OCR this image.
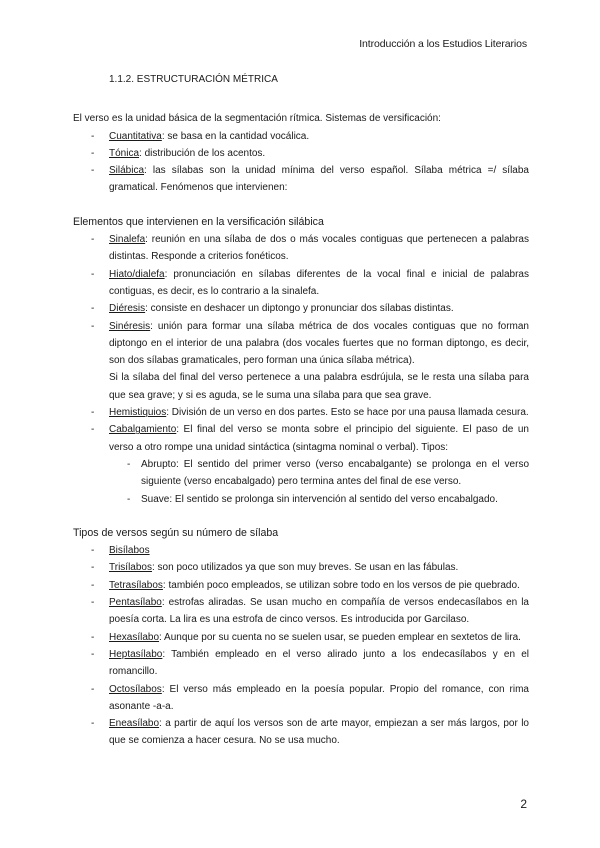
Introducción a los Estudios Literarios
1.1.2. ESTRUCTURACIÓN MÉTRICA

El verso es la unidad básica de la segmentación rítmica. Sistemas de versificación:

- Cuantitativa: se basa en la cantidad vocálica.
- Tónica: distribución de los acentos.
- Silábica: las sílabas son la unidad mínima del verso español. Sílaba métrica =/ sílaba gramatical. Fenómenos que intervienen:
Elementos que intervienen en la versificación silábica
- Sinalefa: reunión en una sílaba de dos o más vocales contiguas que pertenecen a palabras distintas. Responde a criterios fonéticos.
- Hiato/dialefa: pronunciación en sílabas diferentes de la vocal final e inicial de palabras contiguas, es decir, es lo contrario a la sinalefa.
- Diéresis: consiste en deshacer un diptongo y pronunciar dos sílabas distintas.
- Sinéresis: unión para formar una sílaba métrica de dos vocales contiguas que no forman diptongo en el interior de una palabra (dos vocales fuertes que no forman diptongo, es decir, son dos sílabas gramaticales, pero forman una única sílaba métrica).
Si la sílaba del final del verso pertenece a una palabra esdrújula, se le resta una sílaba para que sea grave; y si es aguda, se le suma una sílaba para que sea grave.
- Hemistiquios: División de un verso en dos partes. Esto se hace por una pausa llamada cesura.
- Cabalgamiento: El final del verso se monta sobre el principio del siguiente. El paso de un verso a otro rompe una unidad sintáctica (sintagma nominal o verbal). Tipos:
- Abrupto: El sentido del primer verso (verso encabalgante) se prolonga en el verso siguiente (verso encabalgado) pero termina antes del final de ese verso.
- Suave: El sentido se prolonga sin intervención al sentido del verso encabalgado.
Tipos de versos según su número de sílaba
- Bisílabos
- Trisílabos: son poco utilizados ya que son muy breves. Se usan en las fábulas.
- Tetrasílabos: también poco empleados, se utilizan sobre todo en los versos de pie quebrado.
- Pentasílabo: estrofas aliradas. Se usan mucho en compañía de versos endecasílabos en la poesía corta. La lira es una estrofa de cinco versos. Es introducida por Garcilaso.
- Hexasílabo: Aunque por su cuenta no se suelen usar, se pueden emplear en sextetos de lira.
- Heptasílabo: También empleado en el verso alirado junto a los endecasílabos y en el romancillo.
- Octosílabos: El verso más empleado en la poesía popular. Propio del romance, con rima asonante -a-a.
- Eneasílabo: a partir de aquí los versos son de arte mayor, empiezan a ser más largos, por lo que se comienza a hacer cesura. No se usa mucho.
2
